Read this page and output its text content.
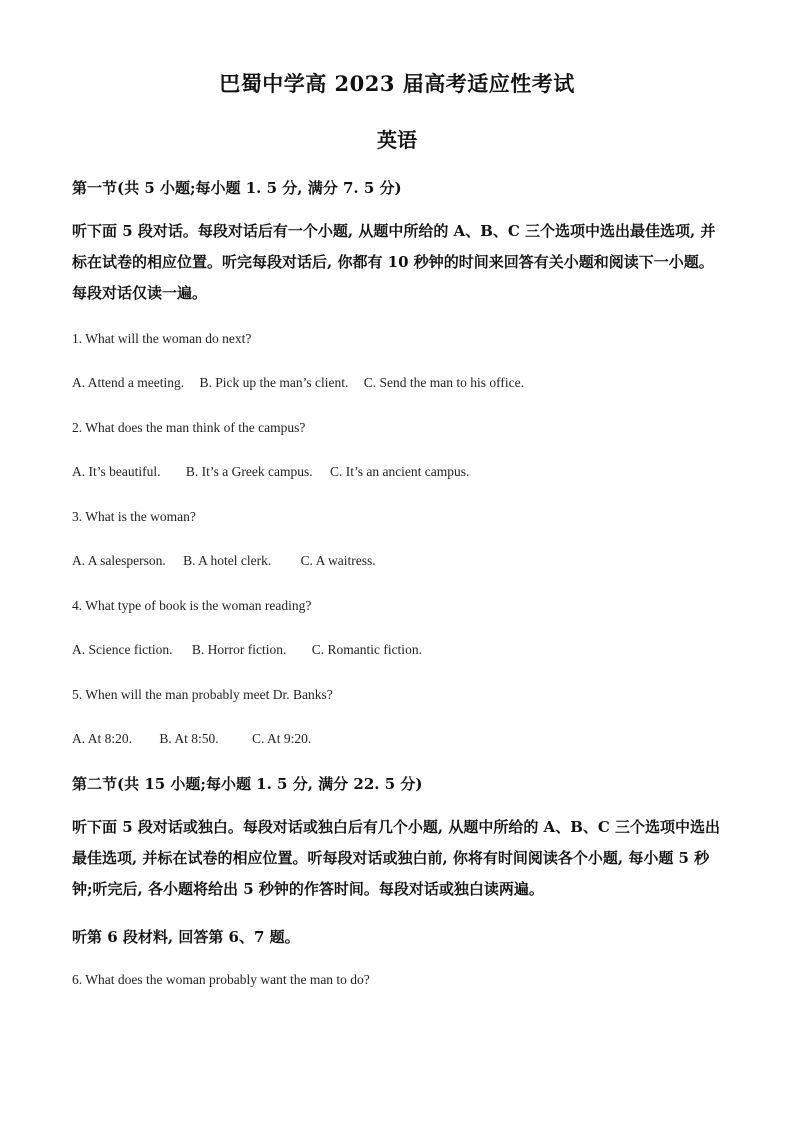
巴蜀中学高 2023 届高考适应性考试
英语
第一节(共 5 小题;每小题 1. 5 分, 满分 7. 5 分)
听下面 5 段对话。每段对话后有一个小题, 从题中所给的 A、B、C 三个选项中选出最佳选项, 并标在试卷的相应位置。听完每段对话后, 你都有 10 秒钟的时间来回答有关小题和阅读下一小题。每段对话仅读一遍。
1. What will the woman do next?
A. Attend a meeting. B. Pick up the man’s client. C. Send the man to his office.
2. What does the man think of the campus?
A. It’s beautiful. B. It’s a Greek campus. C. It’s an ancient campus.
3. What is the woman?
A. A salesperson. B. A hotel clerk. C. A waitress.
4. What type of book is the woman reading?
A. Science fiction. B. Horror fiction. C. Romantic fiction.
5. When will the man probably meet Dr. Banks?
A. At 8:20. B. At 8:50. C. At 9:20.
第二节(共 15 小题;每小题 1. 5 分, 满分 22. 5 分)
听下面 5 段对话或独白。每段对话或独白后有几个小题, 从题中所给的 A、B、C 三个选项中选出最佳选项, 并标在试卷的相应位置。听每段对话或独白前, 你将有时间阅读各个小题, 每小题 5 秒钟;听完后, 各小题将给出 5 秒钟的作答时间。每段对话或独白读两遍。
听第 6 段材料, 回答第 6、7 题。
6. What does the woman probably want the man to do?
